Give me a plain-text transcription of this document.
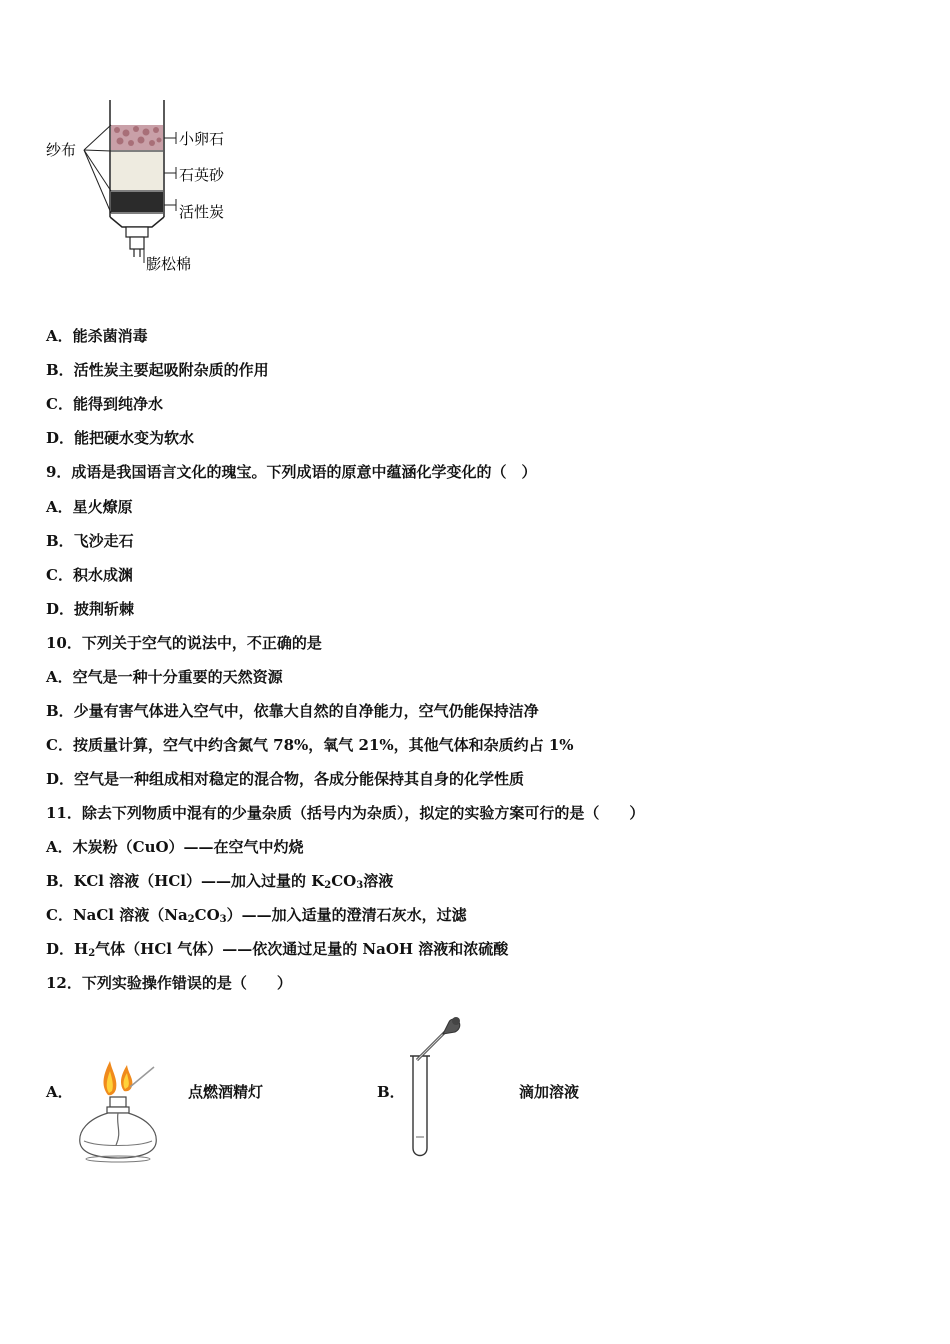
纱布
小卵石
石英砂
活性炭
膨松棉
A．能杀菌消毒
B．活性炭主要起吸附杂质的作用
C．能得到纯净水
D．能把硬水变为软水
9．成语是我国语言文化的瑰宝。下列成语的原意中蕴涵化学变化的（　）
A．星火燎原
B．飞沙走石
C．积水成渊
D．披荆斩棘
10．下列关于空气的说法中，不正确的是
A．空气是一种十分重要的天然资源
B．少量有害气体进入空气中，依靠大自然的自净能力，空气仍能保持洁净
C．按质量计算，空气中约含氮气 78%，氧气 21%，其他气体和杂质约占 1%
D．空气是一种组成相对稳定的混合物，各成分能保持其自身的化学性质
11．除去下列物质中混有的少量杂质（括号内为杂质），拟定的实验方案可行的是（　　）
A．木炭粉（CuO）——在空气中灼烧
B．KCl 溶液（HCl）——加入过量的 $K_2CO_3$溶液
C．NaCl 溶液$(Na_2CO_3)——$加入适量的澄清石灰水，过滤
D．$H_2$气体（HCl 气体）——依次通过足量的 NaOH 溶液和浓硫酸
12．下列实验操作错误的是（　　）
A．	点燃酒精灯	B．	滴加溶液
